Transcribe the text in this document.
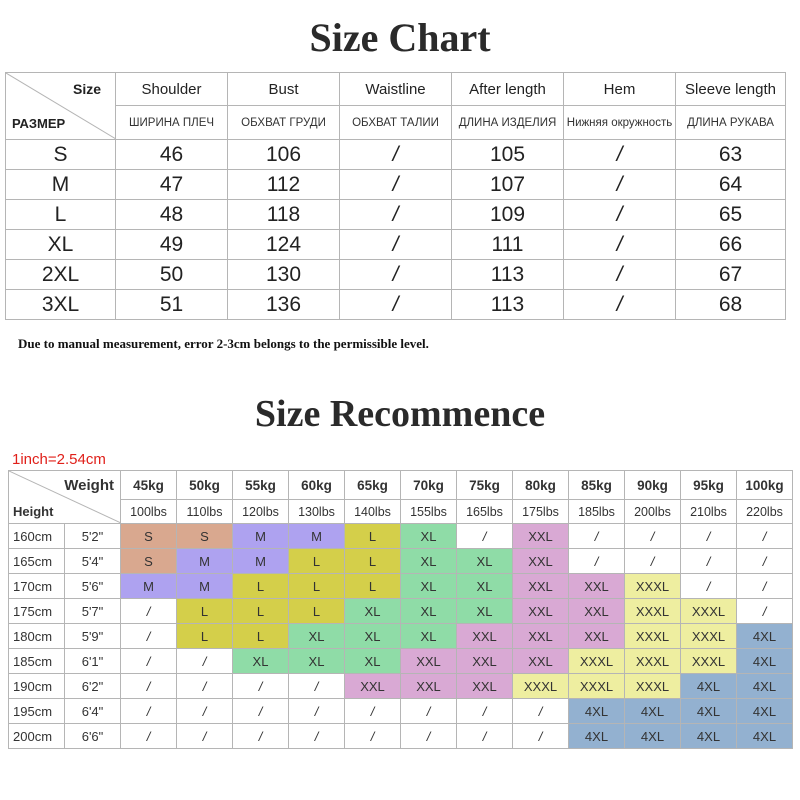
Size Chart
Size
РАЗМЕР	Shoulder	Bust	Waistline	After length	Hem	Sleeve length
	ШИРИНА ПЛЕЧ	ОБХВАТ ГРУДИ	ОБХВАТ ТАЛИИ	ДЛИНА ИЗДЕЛИЯ	Нижняя окружность	ДЛИНА РУКАВА
S	46	106	/	105	/	63
M	47	112	/	107	/	64
L	48	118	/	109	/	65
XL	49	124	/	111	/	66
2XL	50	130	/	113	/	67
3XL	51	136	/	113	/	68
Due to manual measurement, error 2-3cm belongs to the permissible level.
Size Recommence
1inch=2.54cm
Weight
Height		45kg	50kg	55kg	60kg	65kg	70kg	75kg	80kg	85kg	90kg	95kg	100kg
		100lbs	110lbs	120lbs	130lbs	140lbs	155lbs	165lbs	175lbs	185lbs	200lbs	210lbs	220lbs
160cm	5'2"	S	S	M	M	L	XL	/	XXL	/	/	/	/
165cm	5'4"	S	M	M	L	L	XL	XL	XXL	/	/	/	/
170cm	5'6"	M	M	L	L	L	XL	XL	XXL	XXL	XXXL	/	/
175cm	5'7"	/	L	L	L	XL	XL	XL	XXL	XXL	XXXL	XXXL	/
180cm	5'9"	/	L	L	XL	XL	XL	XXL	XXL	XXL	XXXL	XXXL	4XL
185cm	6'1"	/	/	XL	XL	XL	XXL	XXL	XXL	XXXL	XXXL	XXXL	4XL
190cm	6'2"	/	/	/	/	XXL	XXL	XXL	XXXL	XXXL	XXXL	4XL	4XL
195cm	6'4"	/	/	/	/	/	/	/	/	4XL	4XL	4XL	4XL
200cm	6'6"	/	/	/	/	/	/	/	/	4XL	4XL	4XL	4XL
